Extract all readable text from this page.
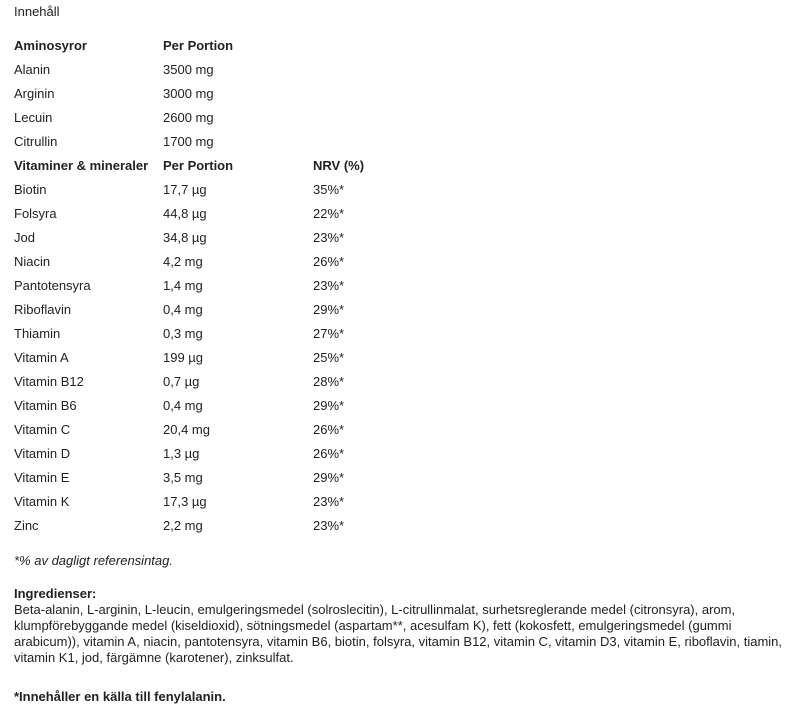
Innehåll
Aminosyror	Per Portion	
Alanin	3500 mg	
Arginin	3000 mg	
Lecuin	2600 mg	
Citrullin	1700 mg	
Vitaminer & mineraler	Per Portion	NRV (%)
Biotin	17,7 µg	35%*
Folsyra	44,8 µg	22%*
Jod	34,8 µg	23%*
Niacin	4,2 mg	26%*
Pantotensyra	1,4 mg	23%*
Riboflavin	0,4 mg	29%*
Thiamin	0,3 mg	27%*
Vitamin A	199 µg	25%*
Vitamin B12	0,7 µg	28%*
Vitamin B6	0,4 mg	29%*
Vitamin C	20,4 mg	26%*
Vitamin D	1,3 µg	26%*
Vitamin E	3,5 mg	29%*
Vitamin K	17,3 µg	23%*
Zinc	2,2 mg	23%*
*% av dagligt referensintag.
Ingredienser:
Beta-alanin, L-arginin, L-leucin, emulgeringsmedel (solroslecitin), L-citrullinmalat, surhetsreglerande medel (citronsyra), arom, klumpförebyggande medel (kiseldioxid), sötningsmedel (aspartam**, acesulfam K), fett (kokosfett, emulgeringsmedel (gummi arabicum)), vitamin A, niacin, pantotensyra, vitamin B6, biotin, folsyra, vitamin B12, vitamin C, vitamin D3, vitamin E, riboflavin, tiamin, vitamin K1, jod, färgämne (karotener), zinksulfat.
*Innehåller en källa till fenylalanin.
